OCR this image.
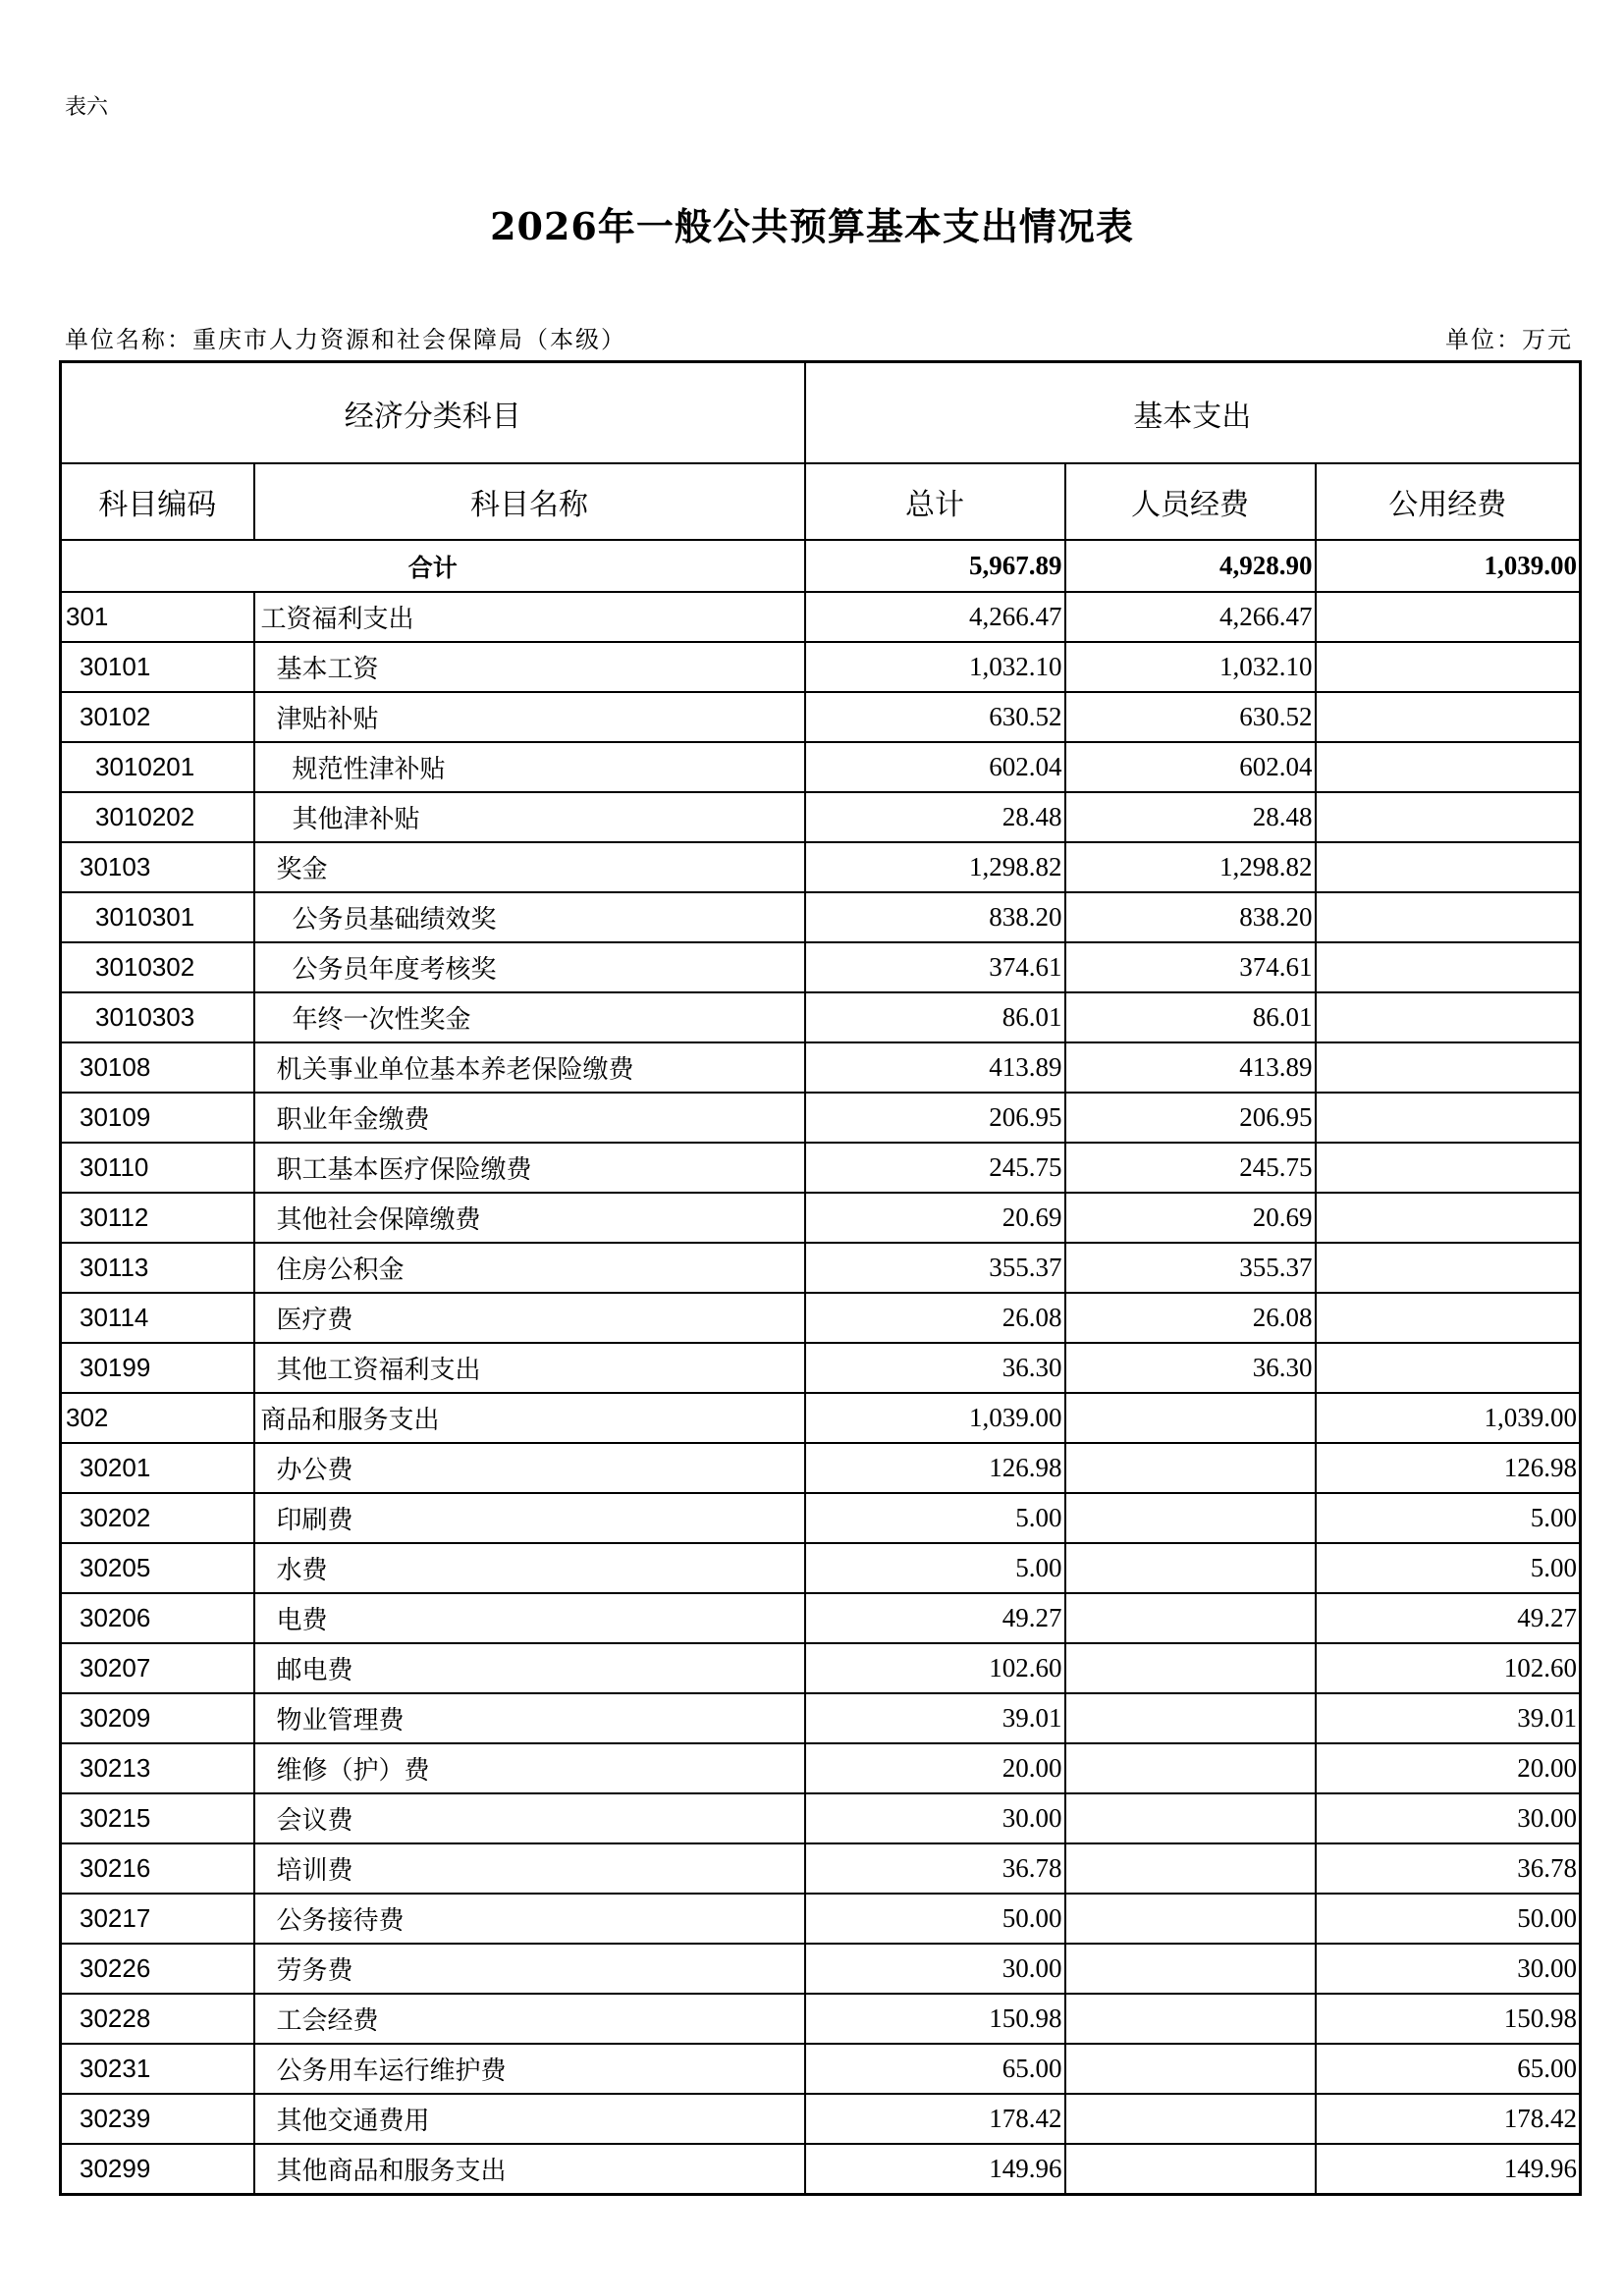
表六
2026年一般公共预算基本支出情况表
单位名称：重庆市人力资源和社会保障局（本级）	单位：万元
经济分类科目		基本支出		
科目编码	科目名称	总计	人员经费	公用经费
合计		5,967.89	4,928.90	1,039.00
301	工资福利支出	4,266.47	4,266.47	
30101	基本工资	1,032.10	1,032.10	
30102	津贴补贴	630.52	630.52	
3010201	规范性津补贴	602.04	602.04	
3010202	其他津补贴	28.48	28.48	
30103	奖金	1,298.82	1,298.82	
3010301	公务员基础绩效奖	838.20	838.20	
3010302	公务员年度考核奖	374.61	374.61	
3010303	年终一次性奖金	86.01	86.01	
30108	机关事业单位基本养老保险缴费	413.89	413.89	
30109	职业年金缴费	206.95	206.95	
30110	职工基本医疗保险缴费	245.75	245.75	
30112	其他社会保障缴费	20.69	20.69	
30113	住房公积金	355.37	355.37	
30114	医疗费	26.08	26.08	
30199	其他工资福利支出	36.30	36.30	
302	商品和服务支出	1,039.00		1,039.00
30201	办公费	126.98		126.98
30202	印刷费	5.00		5.00
30205	水费	5.00		5.00
30206	电费	49.27		49.27
30207	邮电费	102.60		102.60
30209	物业管理费	39.01		39.01
30213	维修（护）费	20.00		20.00
30215	会议费	30.00		30.00
30216	培训费	36.78		36.78
30217	公务接待费	50.00		50.00
30226	劳务费	30.00		30.00
30228	工会经费	150.98		150.98
30231	公务用车运行维护费	65.00		65.00
30239	其他交通费用	178.42		178.42
30299	其他商品和服务支出	149.96		149.96
